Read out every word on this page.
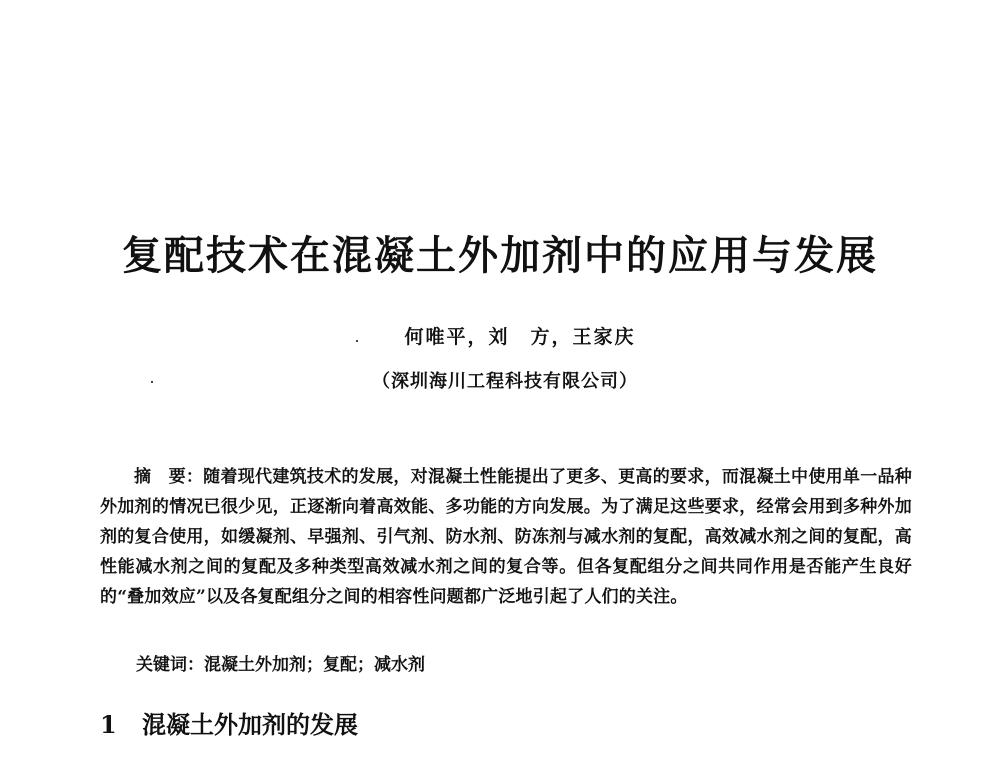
复配技术在混凝土外加剂中的应用与发展
何唯平，刘　方，王家庆
（深圳海川工程科技有限公司）
摘　要：随着现代建筑技术的发展，对混凝土性能提出了更多、更高的要求，而混凝土中使用单一品种外加剂的情况已很少见，正逐渐向着高效能、多功能的方向发展。为了满足这些要求，经常会用到多种外加剂的复合使用，如缓凝剂、早强剂、引气剂、防水剂、防冻剂与减水剂的复配，高效减水剂之间的复配，高性能减水剂之间的复配及多种类型高效减水剂之间的复合等。但各复配组分之间共同作用是否能产生良好的“叠加效应”以及各复配组分之间的相容性问题都广泛地引起了人们的关注。
关键词：混凝土外加剂；复配；减水剂
1 混凝土外加剂的发展
